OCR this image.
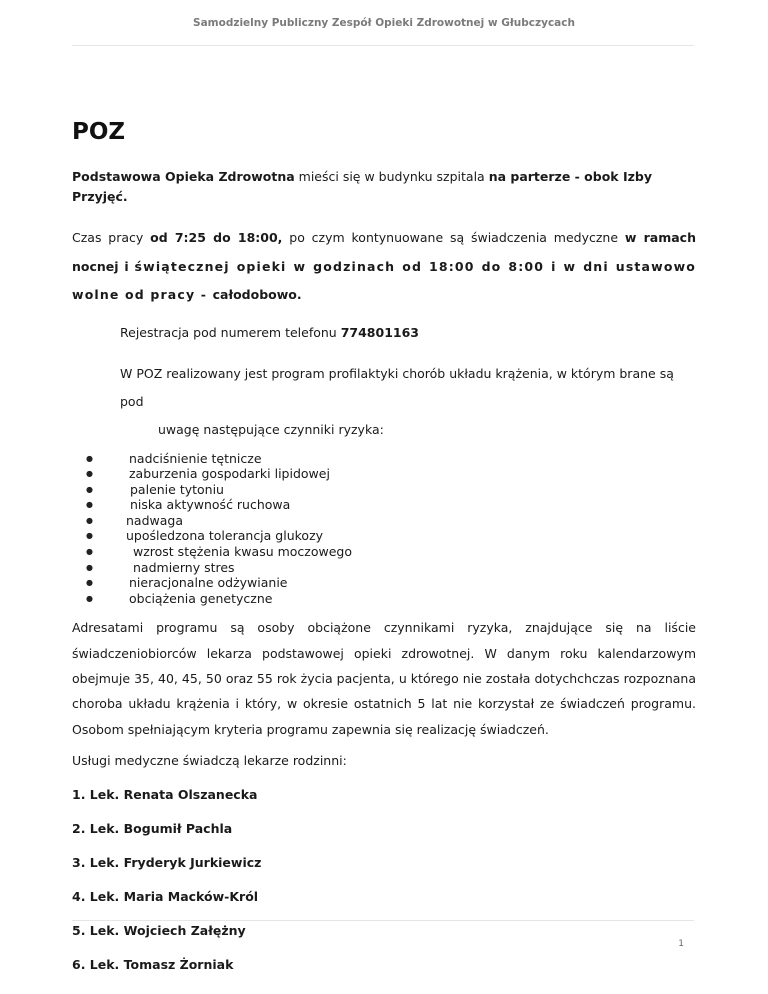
Samodzielny Publiczny Zespół Opieki Zdrowotnej w Głubczycach
POZ

Podstawowa Opieka Zdrowotna mieści się w budynku szpitala na parterze - obok Izby Przyjęć.

Czas pracy od 7:25 do 18:00, po czym kontynuowane są świadczenia medyczne w ramach nocnej i świątecznej opieki w godzinach od 18:00 do 8:00 i w dni ustawowo wolne od pracy - całodobowo.

Rejestracja pod numerem telefonu 774801163

W POZ realizowany jest program profilaktyki chorób układu krążenia, w którym brane są pod
uwagę następujące czynniki ryzyka:

●	nadciśnienie tętnicze
●	zaburzenia gospodarki lipidowej
●	palenie tytoniu
●	niska aktywność ruchowa
●	nadwaga
●	upośledzona tolerancja glukozy
●	wzrost stężenia kwasu moczowego
●	nadmierny stres
●	nieracjonalne odżywianie
●	obciążenia genetyczne

Adresatami programu są osoby obciążone czynnikami ryzyka, znajdujące się na liście świadczeniobiorców lekarza podstawowej opieki zdrowotnej. W danym roku kalendarzowym obejmuje 35, 40, 45, 50 oraz 55 rok życia pacjenta, u którego nie została dotychchczas rozpoznana choroba układu krążenia i który, w okresie ostatnich 5 lat nie korzystał ze świadczeń programu. Osobom spełniającym kryteria programu zapewnia się realizację świadczeń.

Usługi medyczne świadczą lekarze rodzinni:

1. Lek. Renata Olszanecka

2. Lek. Bogumił Pachla

3. Lek. Fryderyk Jurkiewicz

4. Lek. Maria Macków-Król

5. Lek. Wojciech Załężny

6. Lek. Tomasz Żorniak

1
